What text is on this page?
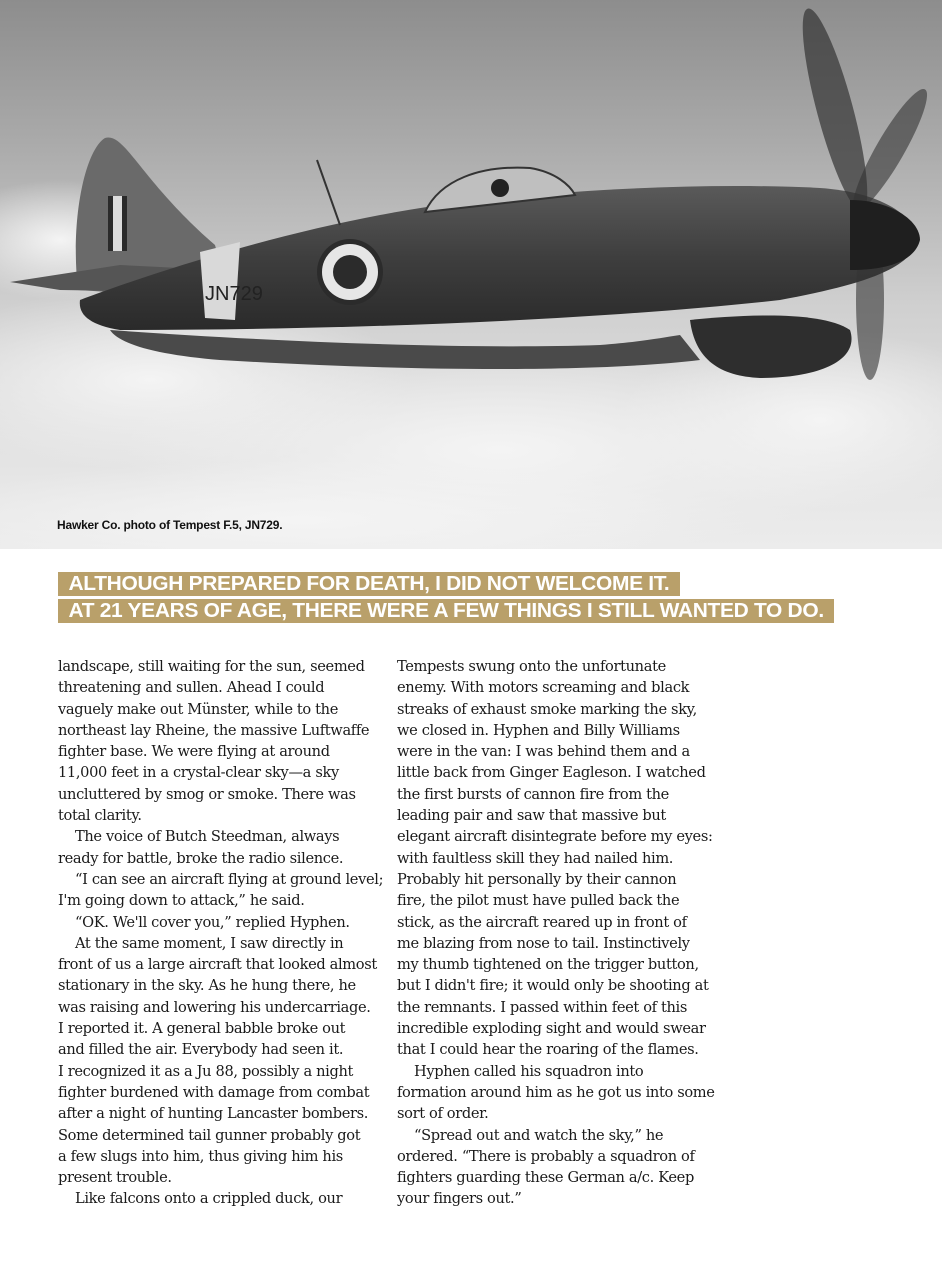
JN729
Hawker Co. photo of Tempest F.5, JN729.
ALTHOUGH PREPARED FOR DEATH, I DID NOT WELCOME IT.
AT 21 YEARS OF AGE, THERE WERE A FEW THINGS I STILL WANTED TO DO.
landscape, still waiting for the sun, seemed
threatening and sullen. Ahead I could
vaguely make out Münster, while to the
northeast lay Rheine, the massive Luftwaffe
fighter base. We were flying at around
11,000 feet in a crystal-clear sky—a sky
uncluttered by smog or smoke. There was
total clarity.
The voice of Butch Steedman, always
ready for battle, broke the radio silence.
“I can see an aircraft flying at ground level;
I'm going down to attack,” he said.
“OK. We'll cover you,” replied Hyphen.
At the same moment, I saw directly in
front of us a large aircraft that looked almost
stationary in the sky. As he hung there, he
was raising and lowering his undercarriage.
I reported it. A general babble broke out
and filled the air. Everybody had seen it.
I recognized it as a Ju 88, possibly a night
fighter burdened with damage from combat
after a night of hunting Lancaster bombers.
Some determined tail gunner probably got
a few slugs into him, thus giving him his
present trouble.
Like falcons onto a crippled duck, our
Tempests swung onto the unfortunate
enemy. With motors screaming and black
streaks of exhaust smoke marking the sky,
we closed in. Hyphen and Billy Williams
were in the van: I was behind them and a
little back from Ginger Eagleson. I watched
the first bursts of cannon fire from the
leading pair and saw that massive but
elegant aircraft disintegrate before my eyes:
with faultless skill they had nailed him.
Probably hit personally by their cannon
fire, the pilot must have pulled back the
stick, as the aircraft reared up in front of
me blazing from nose to tail. Instinctively
my thumb tightened on the trigger button,
but I didn't fire; it would only be shooting at
the remnants. I passed within feet of this
incredible exploding sight and would swear
that I could hear the roaring of the flames.
Hyphen called his squadron into
formation around him as he got us into some
sort of order.
“Spread out and watch the sky,” he
ordered. “There is probably a squadron of
fighters guarding these German a/c. Keep
your fingers out.”
